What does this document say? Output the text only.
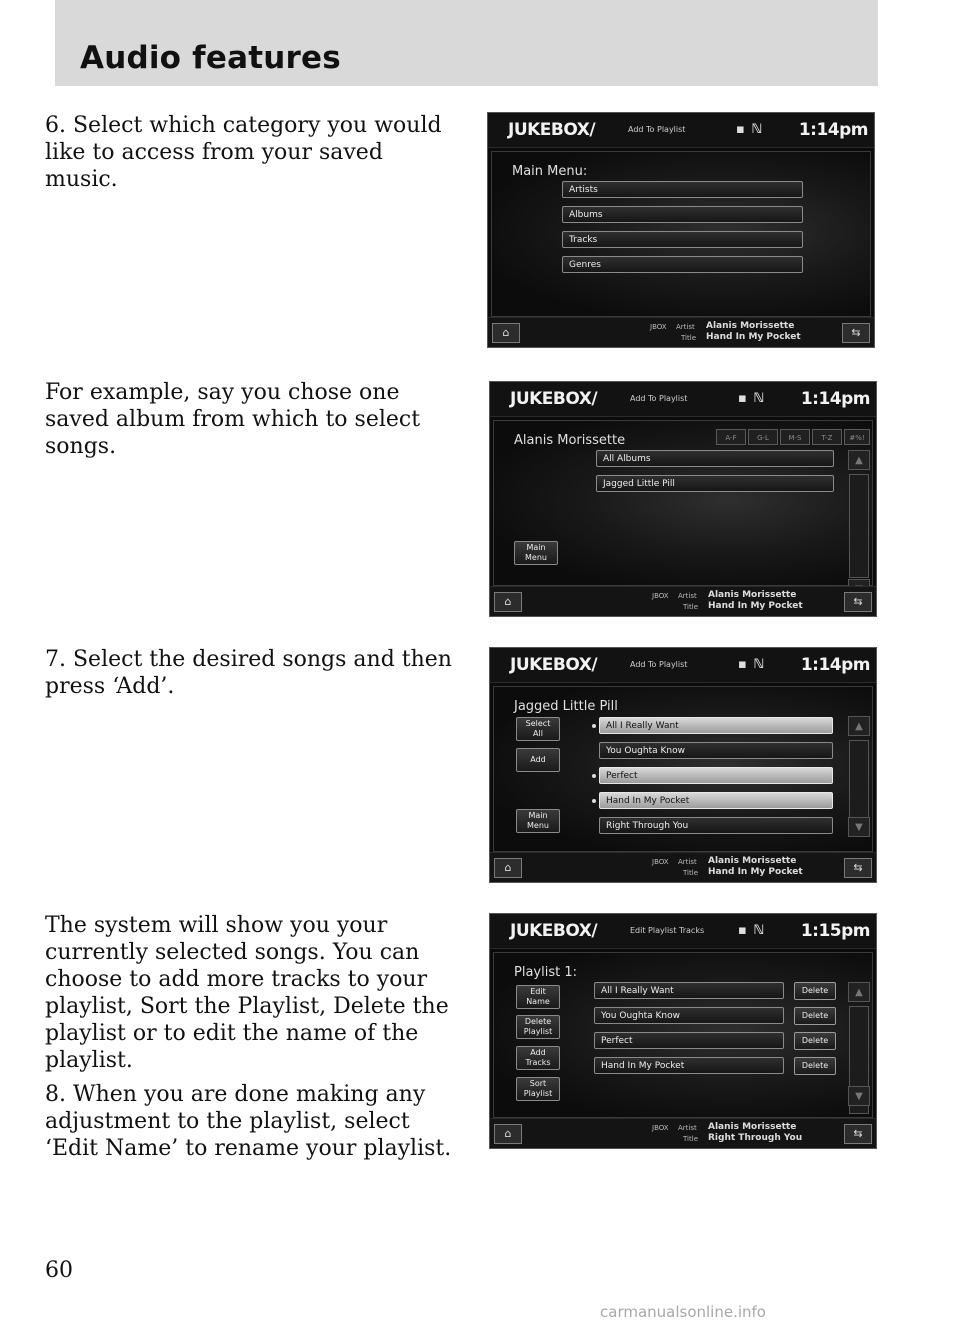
Audio features

6. Select which category you would
like to access from your saved
music.

For example, say you chose one
saved album from which to select
songs.

7. Select the desired songs and then
press ‘Add’.

The system will show you your
currently selected songs. You can
choose to add more tracks to your
playlist, Sort the Playlist, Delete the
playlist or to edit the name of the
playlist.

8. When you are done making any
adjustment to the playlist, select
‘Edit Name’ to rename your playlist.

JUKEBOX/	Add To Playlist	▪ ℕ 1:14pm
Main Menu:
Artists
Albums
Tracks
Genres
⌂	JBOX Artist Alanis Morissette
Title Hand In My Pocket	⇆
JUKEBOX/	Add To Playlist	▪ ℕ 1:14pm
Alanis Morissette	A-F	G-L	M-S	T-Z	#%!
All Albums
Jagged Little Pill
▲
Main
Menu
⌂	JBOX Artist Alanis Morissette
Title Hand In My Pocket	⇆
JUKEBOX/	Add To Playlist	▪ ℕ 1:14pm
Jagged Little Pill
Select
All
Add
Main
Menu
All I Really Want
You Oughta Know
Perfect
Hand In My Pocket
Right Through You
▲
▼
⌂	JBOX Artist Alanis Morissette
Title Hand In My Pocket	⇆
JUKEBOX/	Edit Playlist Tracks	▪ ℕ 1:15pm
Playlist 1:
Edit
Name
Delete
Playlist
Add
Tracks
Sort
Playlist
All I Really Want
You Oughta Know
Perfect
Hand In My Pocket
Delete
Delete
Delete
Delete
▲
▼
⌂	JBOX Artist Alanis Morissette
Title Right Through You	⇆
60
carmanualsonline.info
